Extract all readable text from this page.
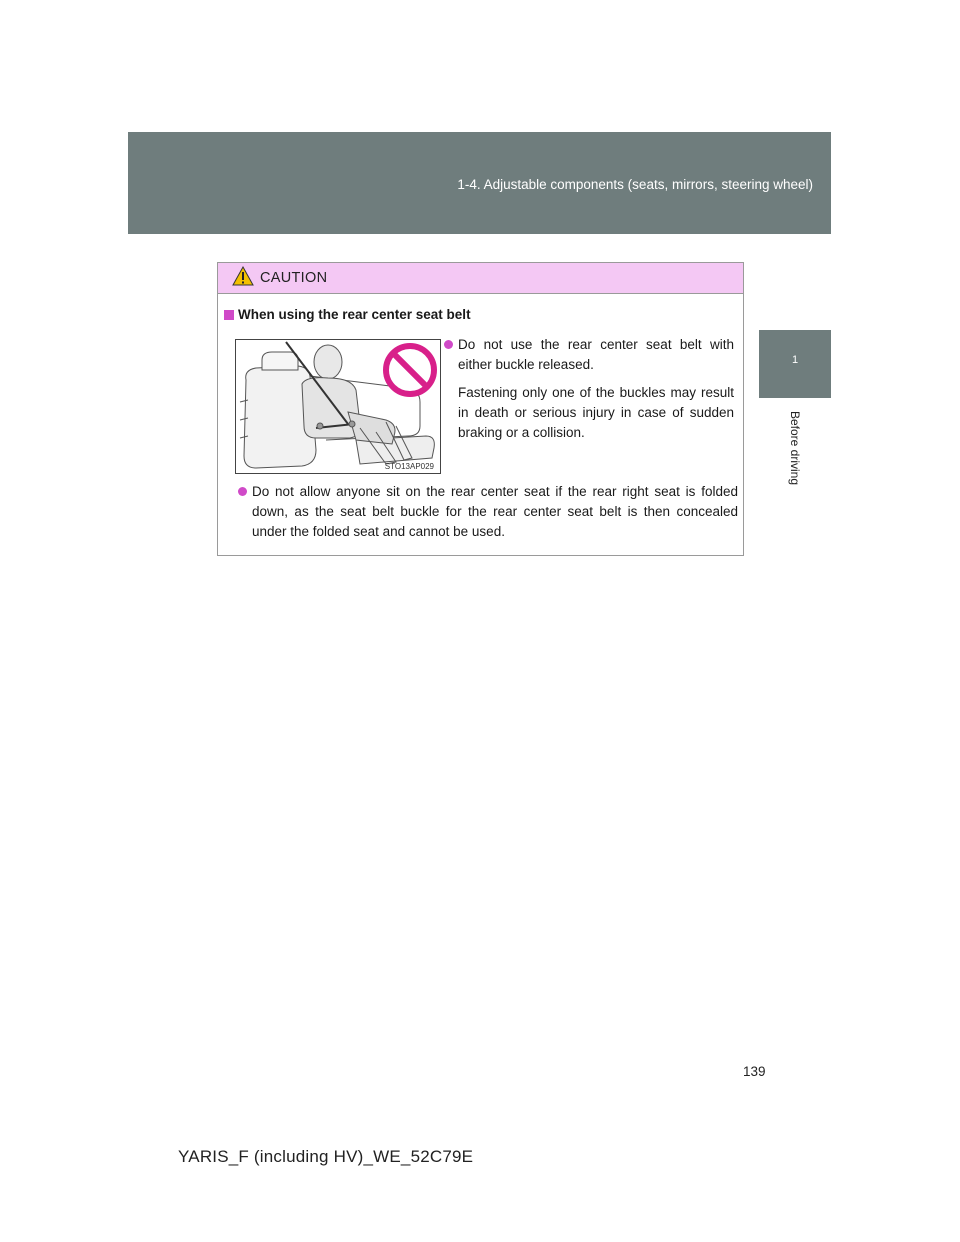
1-4. Adjustable components (seats, mirrors, steering wheel)
1
Before driving
CAUTION
When using the rear center seat belt
STO13AP029
Do not use the rear center seat belt with either buckle released.
Fastening only one of the buckles may result in death or serious injury in case of sudden braking or a collision.
Do not allow anyone sit on the rear center seat if the rear right seat is folded down, as the seat belt buckle for the rear center seat belt is then concealed under the folded seat and cannot be used.
139
YARIS_F (including HV)_WE_52C79E
